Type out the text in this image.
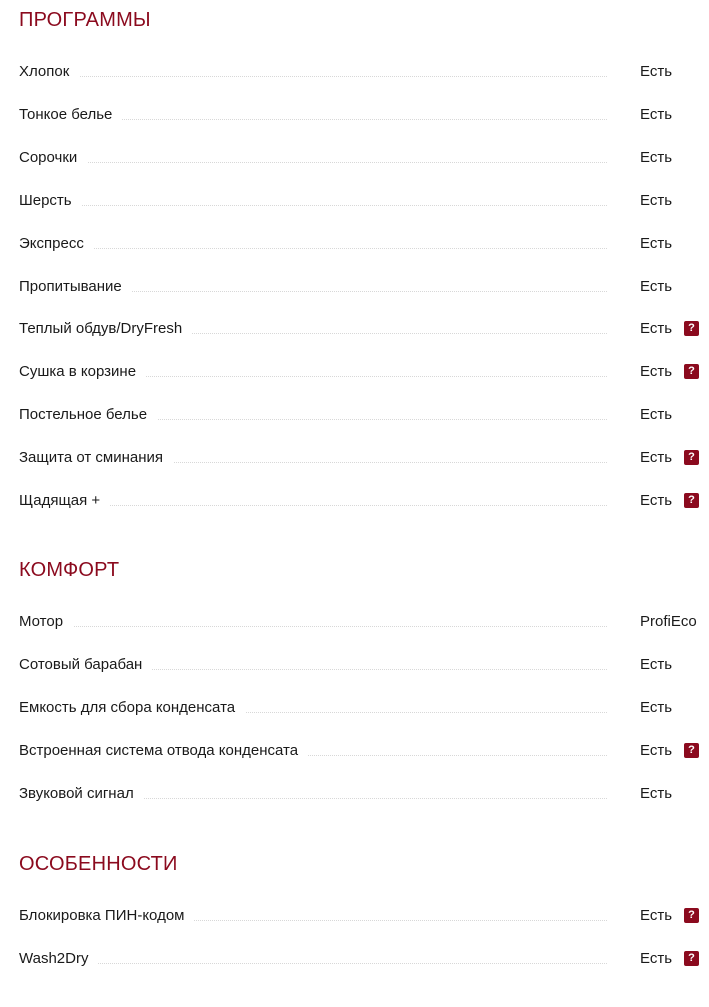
ПРОГРАММЫ
Хлопок	Есть
Тонкое белье	Есть
Сорочки	Есть
Шерсть	Есть
Экспресс	Есть
Пропитывание	Есть
Теплый обдув/DryFresh	Есть	?
Сушка в корзине	Есть	?
Постельное белье	Есть
Защита от сминания	Есть	?
Щадящая +	Есть	?
КОМФОРТ
Мотор	ProfiEco
Сотовый барабан	Есть
Емкость для сбора конденсата	Есть
Встроенная система отвода конденсата	Есть	?
Звуковой сигнал	Есть
ОСОБЕННОСТИ
Блокировка ПИН-кодом	Есть	?
Wash2Dry	Есть	?
